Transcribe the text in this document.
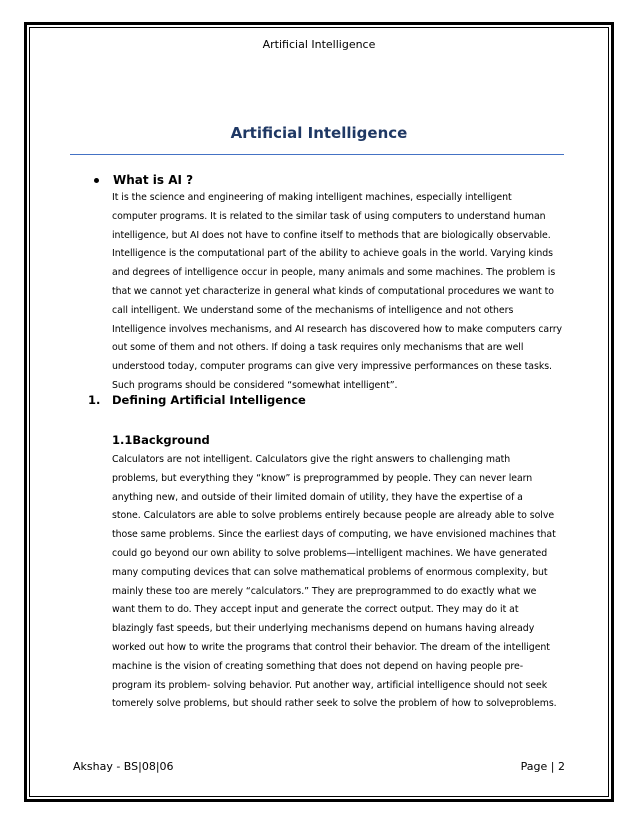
Artificial Intelligence
Artificial Intelligence
What is AI ?
It is the science and engineering of making intelligent machines, especially intelligent
computer programs. It is related to the similar task of using computers to understand human
intelligence, but AI does not have to confine itself to methods that are biologically observable.
Intelligence is the computational part of the ability to achieve goals in the world. Varying kinds
and degrees of intelligence occur in people, many animals and some machines. The problem is
that we cannot yet characterize in general what kinds of computational procedures we want to
call intelligent. We understand some of the mechanisms of intelligence and not others
Intelligence involves mechanisms, and AI research has discovered how to make computers carry
out some of them and not others. If doing a task requires only mechanisms that are well
understood today, computer programs can give very impressive performances on these tasks.
Such programs should be considered “somewhat intelligent”.
1.	Defining Artificial Intelligence
1.1Background
Calculators are not intelligent. Calculators give the right answers to challenging math
problems, but everything they “know” is preprogrammed by people. They can never learn
anything new, and outside of their limited domain of utility, they have the expertise of a
stone. Calculators are able to solve problems entirely because people are already able to solve
those same problems. Since the earliest days of computing, we have envisioned machines that
could go beyond our own ability to solve problems—intelligent machines. We have generated
many computing devices that can solve mathematical problems of enormous complexity, but
mainly these too are merely “calculators.” They are preprogrammed to do exactly what we
want them to do. They accept input and generate the correct output. They may do it at
blazingly fast speeds, but their underlying mechanisms depend on humans having already
worked out how to write the programs that control their behavior. The dream of the intelligent
machine is the vision of creating something that does not depend on having people pre-
program its problem- solving behavior. Put another way, artificial intelligence should not seek
tomerely solve problems, but should rather seek to solve the problem of how to solveproblems.
Akshay - BS|08|06	Page | 2
